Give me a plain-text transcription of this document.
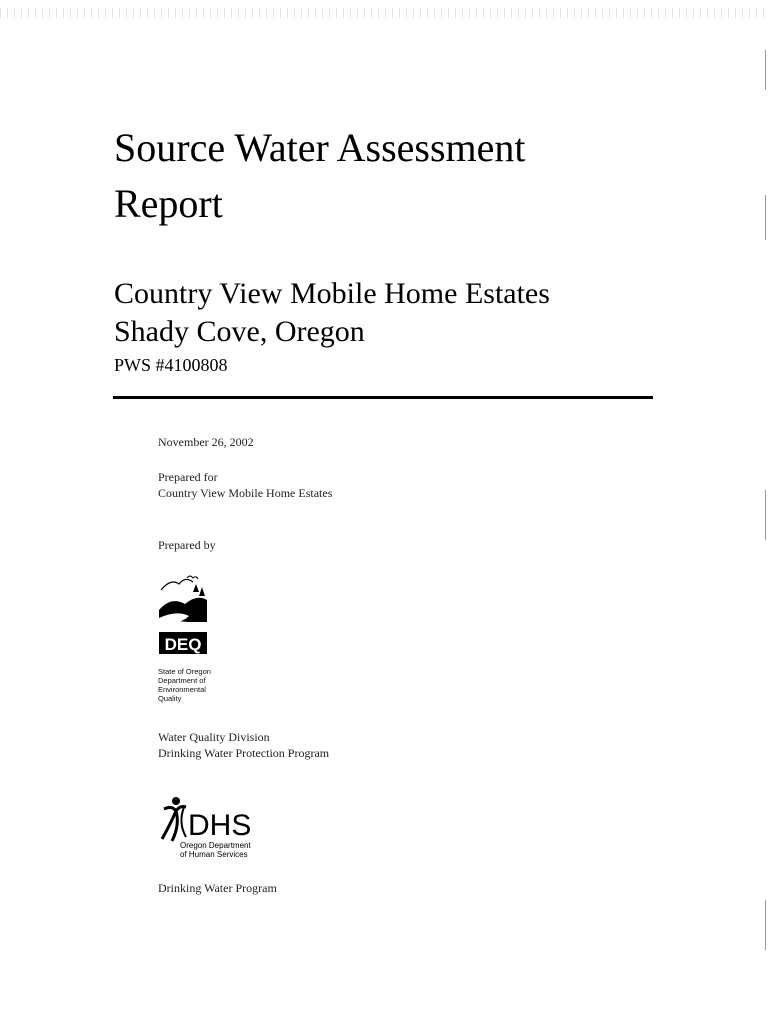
Source Water Assessment
Report
Country View Mobile Home Estates
Shady Cove, Oregon
PWS #4100808
November 26, 2002
Prepared for
Country View Mobile Home Estates
Prepared by
DEQ
State of Oregon
Department of
Environmental
Quality
Water Quality Division
Drinking Water Protection Program
DHS
Oregon Department
of Human Services
Drinking Water Program
